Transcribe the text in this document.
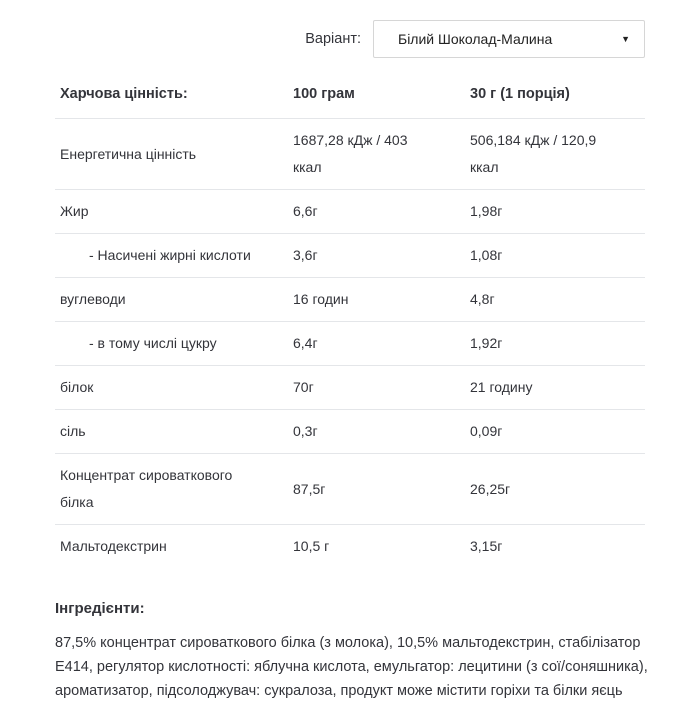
Варіант:	Білий Шоколад-Малина	▼
Харчова цінність:	100 грам	30 г (1 порція)
Енергетична цінність	1687,28 кДж / 403 ккал	506,184 кДж / 120,9 ккал
Жир	6,6г	1,98г
- Насичені жирні кислоти	3,6г	1,08г
вуглеводи	16 годин	4,8г
- в тому числі цукру	6,4г	1,92г
білок	70г	21 годину
сіль	0,3г	0,09г
Концентрат сироваткового білка	87,5г	26,25г
Мальтодекстрин	10,5 г	3,15г
Інгредієнти:

87,5% концентрат сироваткового білка (з молока), 10,5% мальтодекстрин, стабілізатор Е414, регулятор кислотності: яблучна кислота, емульгатор: лецитини (з сої/соняшника), ароматизатор, підсолоджувач: сукралоза, продукт може містити горіхи та білки яєць
